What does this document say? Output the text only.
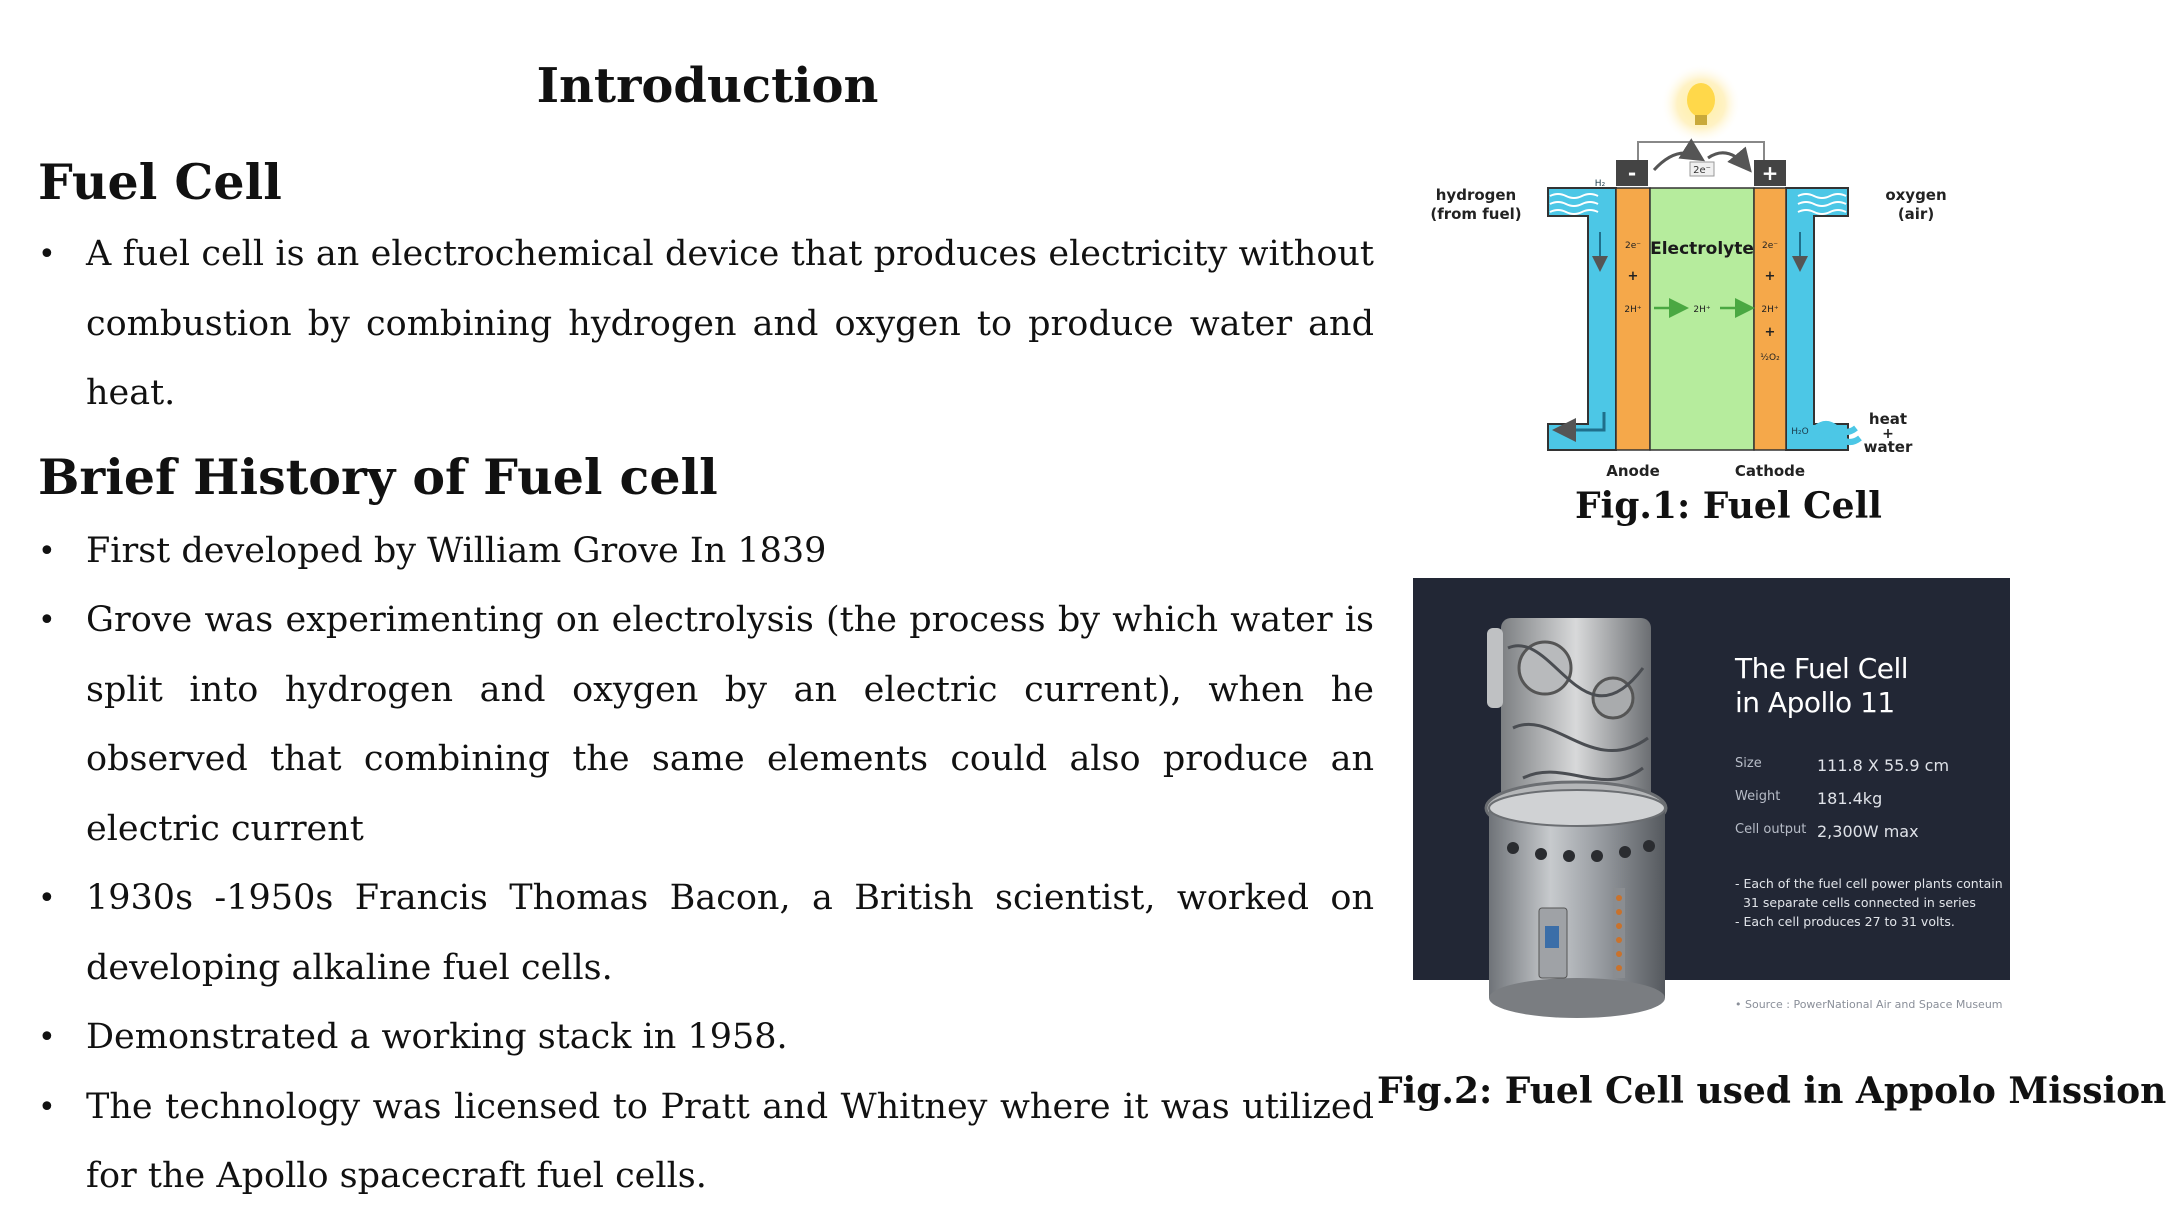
Introduction
Fuel Cell
• A fuel cell is an electrochemical device that produces electricity without combustion by combining hydrogen and oxygen to produce water and heat.
Brief History of Fuel cell
• First developed by William Grove In 1839
• Grove was experimenting on electrolysis (the process by which water is split into hydrogen and oxygen by an electric current), when he observed that combining the same elements could also produce an electric current
• 1930s -1950s Francis Thomas Bacon, a British scientist, worked on developing alkaline fuel cells.
• Demonstrated a working stack in 1958.
• The technology was licensed to Pratt and Whitney where it was utilized for the Apollo spacecraft fuel cells.
2e⁻
-	+
H₂
2e⁻
+
2H⁺
Electrolyte
2H⁺
2e⁻
+
2H⁺
+
½O₂
H₂O
hydrogen
(from fuel)
oxygen
(air)
heat
+
water
Anode	Cathode
Fig.1: Fuel Cell
The Fuel Cell
in Apollo 11
Size	111.8 X 55.9 cm
Weight	181.4kg
Cell output	2,300W max
- Each of the fuel cell power plants contain
31 separate cells connected in series
- Each cell produces 27 to 31 volts.
• Source : PowerNational Air and Space Museum
Fig.2: Fuel Cell used in Appolo Mission
